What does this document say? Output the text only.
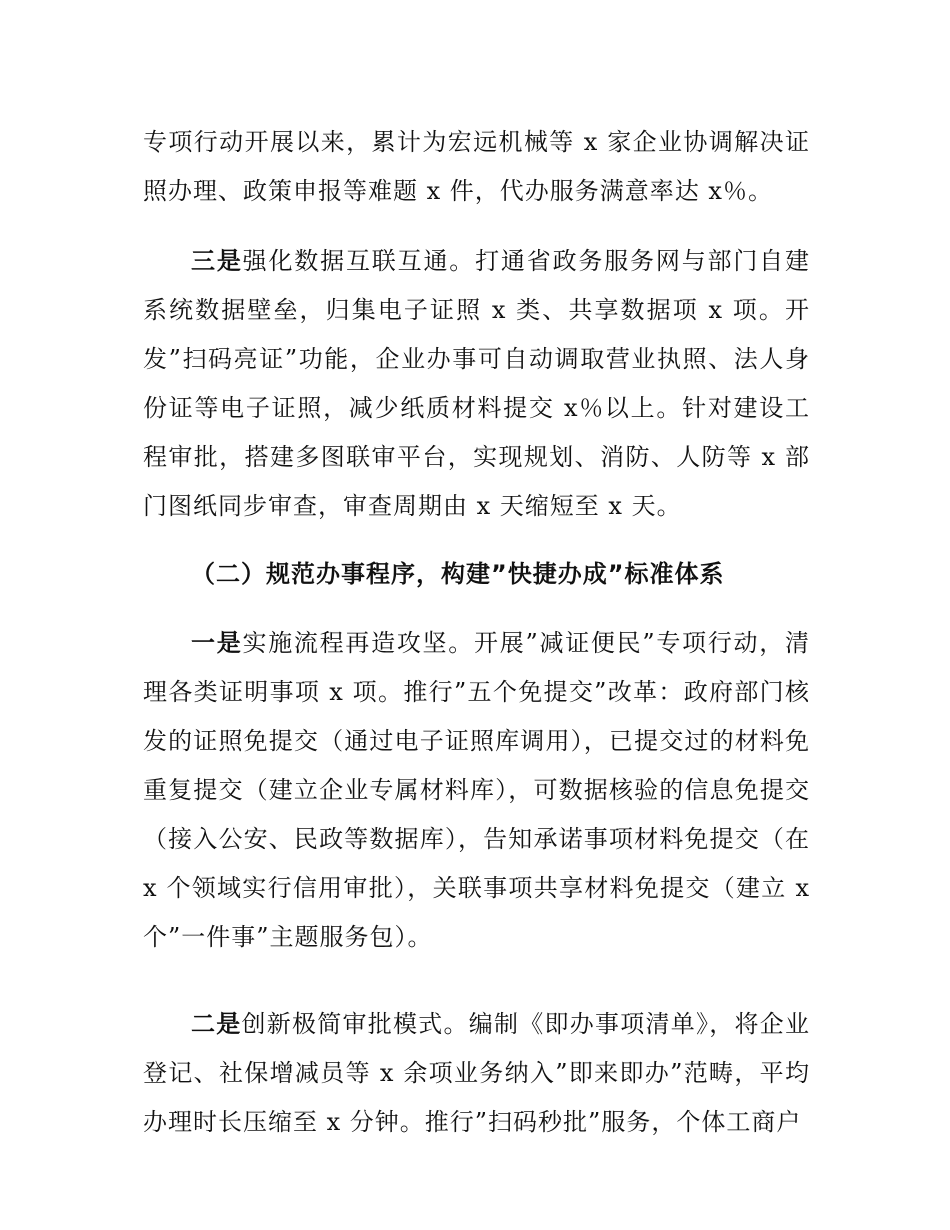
专项行动开展以来，累计为宏远机械等 x 家企业协调解决证照办理、政策申报等难题 x 件，代办服务满意率达 x％。

三是强化数据互联互通。打通省政务服务网与部门自建系统数据壁垒，归集电子证照 x 类、共享数据项 x 项。开发”扫码亮证”功能，企业办事可自动调取营业执照、法人身份证等电子证照，减少纸质材料提交 x％以上。针对建设工程审批，搭建多图联审平台，实现规划、消防、人防等 x 部门图纸同步审查，审查周期由 x 天缩短至 x 天。

（二）规范办事程序，构建”快捷办成”标准体系

一是实施流程再造攻坚。开展”减证便民”专项行动，清理各类证明事项 x 项。推行”五个免提交”改革：政府部门核发的证照免提交（通过电子证照库调用），已提交过的材料免重复提交（建立企业专属材料库），可数据核验的信息免提交（接入公安、民政等数据库），告知承诺事项材料免提交（在 x 个领域实行信用审批），关联事项共享材料免提交（建立 x 个”一件事”主题服务包）。

二是创新极简审批模式。编制《即办事项清单》，将企业登记、社保增减员等 x 余项业务纳入”即来即办”范畴，平均办理时长压缩至 x 分钟。推行”扫码秒批”服务，个体工商户
